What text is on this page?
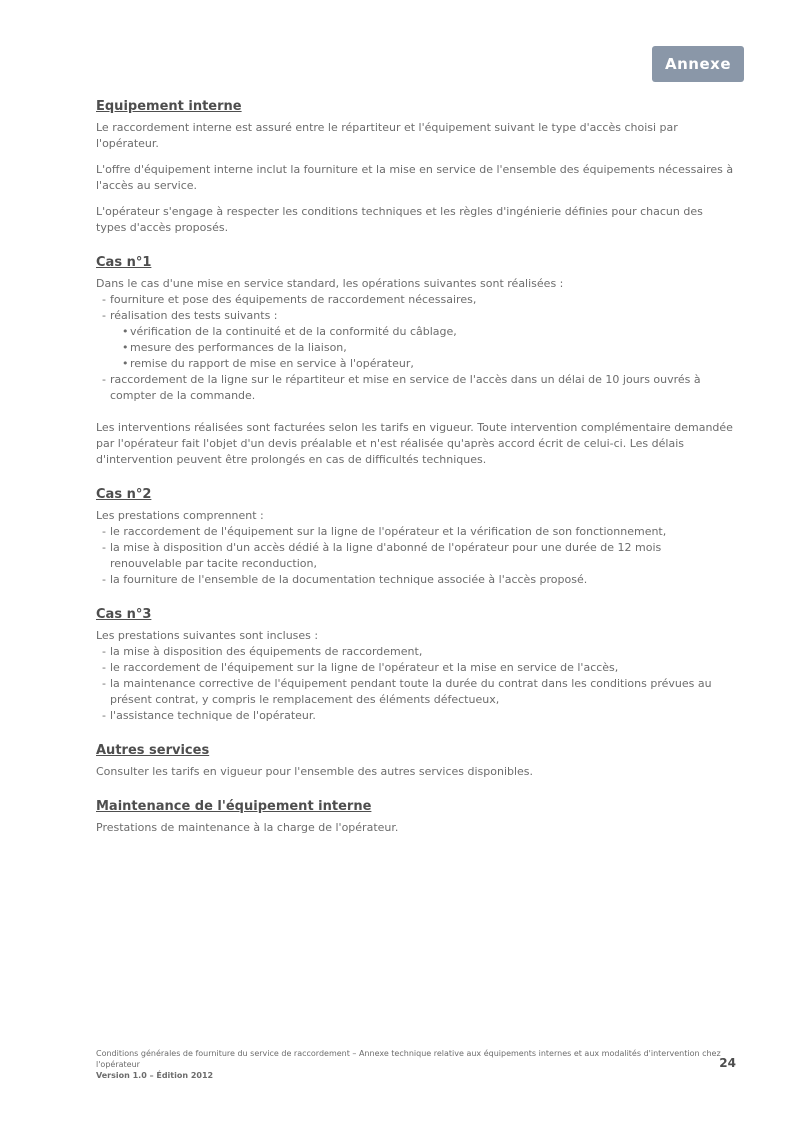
Annexe
Equipement interne

Le raccordement interne est assuré entre le répartiteur et l'équipement suivant le type d'accès choisi par l'opérateur.

L'offre d'équipement interne inclut la fourniture et la mise en service de l'ensemble des équipements nécessaires à l'accès au service.

L'opérateur s'engage à respecter les conditions techniques et les règles d'ingénierie définies pour chacun des types d'accès proposés.

Cas n°1

Dans le cas d'une mise en service standard, les opérations suivantes sont réalisées :

- fourniture et pose des équipements de raccordement nécessaires,
- réalisation des tests suivants :
• vérification de la continuité et de la conformité du câblage,
• mesure des performances de la liaison,
• remise du rapport de mise en service à l'opérateur,
- raccordement de la ligne sur le répartiteur et mise en service de l'accès dans un délai de 10 jours ouvrés à compter de la commande.

Les interventions réalisées sont facturées selon les tarifs en vigueur. Toute intervention complémentaire demandée par l'opérateur fait l'objet d'un devis préalable et n'est réalisée qu'après accord écrit de celui-ci. Les délais d'intervention peuvent être prolongés en cas de difficultés techniques.

Cas n°2

Les prestations comprennent :

- le raccordement de l'équipement sur la ligne de l'opérateur et la vérification de son fonctionnement,
- la mise à disposition d'un accès dédié à la ligne d'abonné de l'opérateur pour une durée de 12 mois renouvelable par tacite reconduction,
- la fourniture de l'ensemble de la documentation technique associée à l'accès proposé.
Cas n°3

Les prestations suivantes sont incluses :

- la mise à disposition des équipements de raccordement,
- le raccordement de l'équipement sur la ligne de l'opérateur et la mise en service de l'accès,
- la maintenance corrective de l'équipement pendant toute la durée du contrat dans les conditions prévues au présent contrat, y compris le remplacement des éléments défectueux,
- l'assistance technique de l'opérateur.
Autres services

Consulter les tarifs en vigueur pour l'ensemble des autres services disponibles.

Maintenance de l'équipement interne

Prestations de maintenance à la charge de l'opérateur.

Conditions générales de fourniture du service de raccordement – Annexe technique relative aux équipements internes et aux modalités d'intervention chez l'opérateur
Version 1.0 – Édition 2012
24
